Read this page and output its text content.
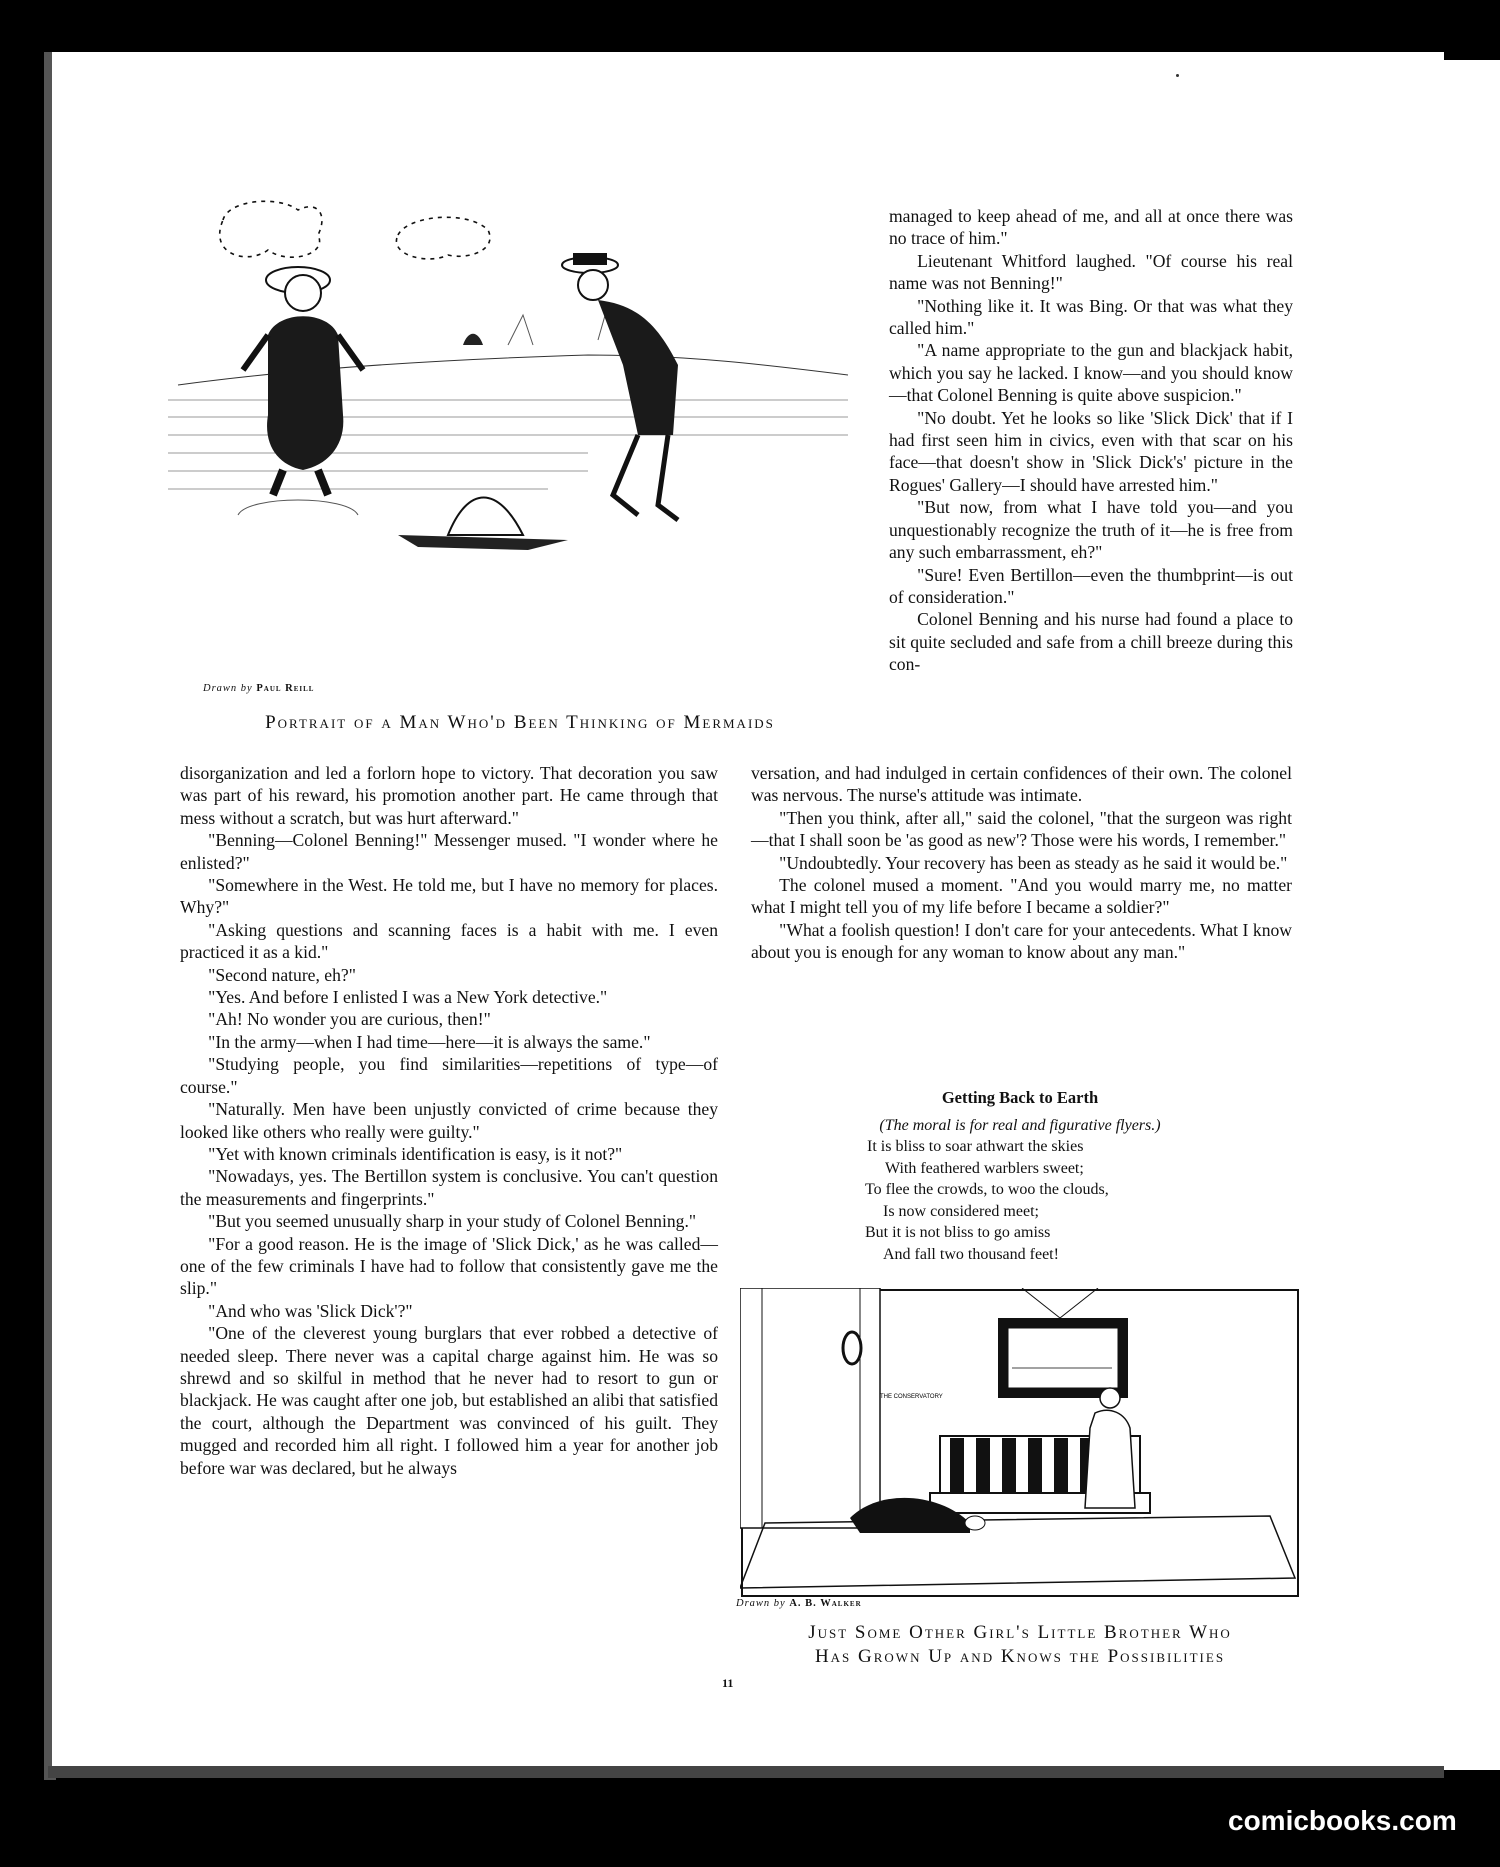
Drawn by Paul Reill
Portrait of a Man Who'd Been Thinking of Mermaids

managed to keep ahead of me, and all at once there was no trace of him."

Lieutenant Whitford laughed. "Of course his real name was not Benning!"

"Nothing like it. It was Bing. Or that was what they called him."

"A name appropriate to the gun and blackjack habit, which you say he lacked. I know—and you should know—that Colonel Benning is quite above suspicion."

"No doubt. Yet he looks so like 'Slick Dick' that if I had first seen him in civics, even with that scar on his face—that doesn't show in 'Slick Dick's' picture in the Rogues' Gallery—I should have arrested him."

"But now, from what I have told you—and you unquestionably recognize the truth of it—he is free from any such embarrassment, eh?"

"Sure! Even Bertillon—even the thumbprint—is out of consideration."

Colonel Benning and his nurse had found a place to sit quite secluded and safe from a chill breeze during this con-

disorganization and led a forlorn hope to victory. That decoration you saw was part of his reward, his promotion another part. He came through that mess without a scratch, but was hurt afterward."

"Benning—Colonel Benning!" Messenger mused. "I wonder where he enlisted?"

"Somewhere in the West. He told me, but I have no memory for places. Why?"

"Asking questions and scanning faces is a habit with me. I even practiced it as a kid."

"Second nature, eh?"

"Yes. And before I enlisted I was a New York detective."

"Ah! No wonder you are curious, then!"

"In the army—when I had time—here—it is always the same."

"Studying people, you find similarities—repetitions of type—of course."

"Naturally. Men have been unjustly convicted of crime because they looked like others who really were guilty."

"Yet with known criminals identification is easy, is it not?"

"Nowadays, yes. The Bertillon system is conclusive. You can't question the measurements and fingerprints."

"But you seemed unusually sharp in your study of Colonel Benning."

"For a good reason. He is the image of 'Slick Dick,' as he was called—one of the few criminals I have had to follow that consistently gave me the slip."

"And who was 'Slick Dick'?"

"One of the cleverest young burglars that ever robbed a detective of needed sleep. There never was a capital charge against him. He was so shrewd and so skilful in method that he never had to resort to gun or blackjack. He was caught after one job, but established an alibi that satisfied the court, although the Department was convinced of his guilt. They mugged and recorded him all right. I followed him a year for another job before war was declared, but he always

versation, and had indulged in certain confidences of their own. The colonel was nervous. The nurse's attitude was intimate.

"Then you think, after all," said the colonel, "that the surgeon was right—that I shall soon be 'as good as new'? Those were his words, I remember."

"Undoubtedly. Your recovery has been as steady as he said it would be."

The colonel mused a moment. "And you would marry me, no matter what I might tell you of my life before I became a soldier?"

"What a foolish question! I don't care for your antecedents. What I know about you is enough for any woman to know about any man."

Getting Back to Earth
(The moral is for real and figurative flyers.)
It is bliss to soar athwart the skies
With feathered warblers sweet;
To flee the crowds, to woo the clouds,
Is now considered meet;
But it is not bliss to go amiss
And fall two thousand feet!
THE CONSERVATORY
Drawn by A. B. Walker
Just Some Other Girl's Little Brother Who
Has Grown Up and Knows the Possibilities
11
comicbooks.com
